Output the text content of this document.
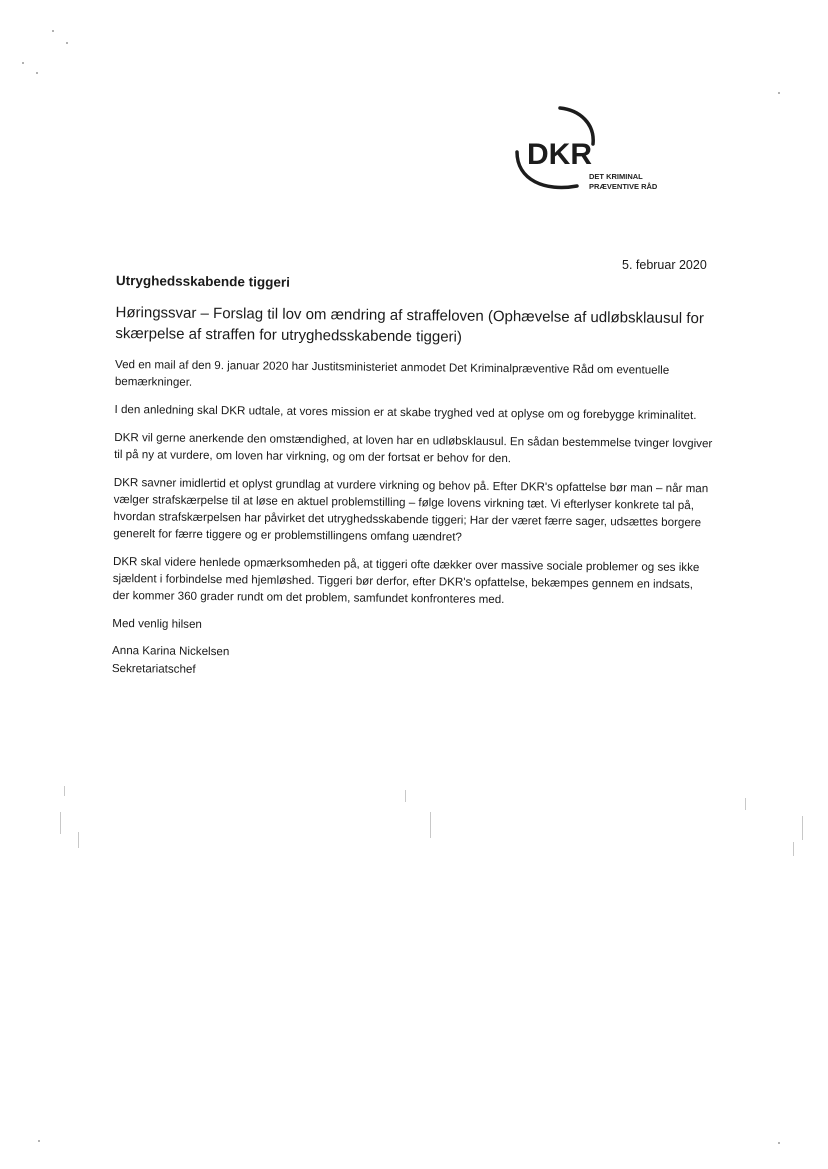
DKR
DET KRIMINAL
PRÆVENTIVE RÅD
5. februar 2020
Utryghedsskabende tiggeri
Høringssvar – Forslag til lov om ændring af straffeloven (Ophævelse af udløbsklausul for skærpelse af straffen for utryghedsskabende tiggeri)

Ved en mail af den 9. januar 2020 har Justitsministeriet anmodet Det Kriminalpræventive Råd om eventuelle bemærkninger.

I den anledning skal DKR udtale, at vores mission er at skabe tryghed ved at oplyse om og forebygge kriminalitet.

DKR vil gerne anerkende den omstændighed, at loven har en udløbsklausul. En sådan bestemmelse tvinger lovgiver til på ny at vurdere, om loven har virkning, og om der fortsat er behov for den.

DKR savner imidlertid et oplyst grundlag at vurdere virkning og behov på. Efter DKR's opfattelse bør man – når man vælger strafskærpelse til at løse en aktuel problemstilling – følge lovens virkning tæt. Vi efterlyser konkrete tal på, hvordan strafskærpelsen har påvirket det utryghedsskabende tiggeri; Har der været færre sager, udsættes borgere generelt for færre tiggere og er problemstillingens omfang uændret?

DKR skal videre henlede opmærksomheden på, at tiggeri ofte dækker over massive sociale problemer og ses ikke sjældent i forbindelse med hjemløshed. Tiggeri bør derfor, efter DKR's opfattelse, bekæmpes gennem en indsats, der kommer 360 grader rundt om det problem, samfundet konfronteres med.

Med venlig hilsen
Anna Karina Nickelsen
Sekretariatschef
